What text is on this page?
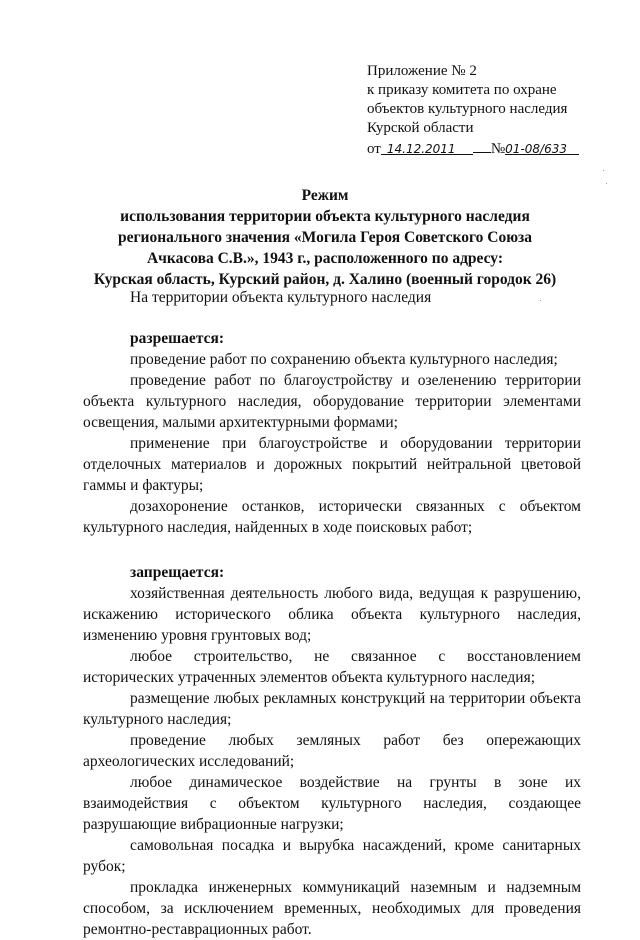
Приложение № 2
к приказу комитета по охране
объектов культурного наследия
Курской области
от 14.12.2011 №01-08/633
Режим
использования территории объекта культурного наследия
регионального значения «Могила Героя Советского Союза
Ачкасова С.В.», 1943 г., расположенного по адресу:
Курская область, Курский район, д. Халино (военный городок 26)

На территории объекта культурного наследия

разрешается:

проведение работ по сохранению объекта культурного наследия;

проведение работ по благоустройству и озеленению территории объекта культурного наследия, оборудование территории элементами освещения, малыми архитектурными формами;

применение при благоустройстве и оборудовании территории отделочных материалов и дорожных покрытий нейтральной цветовой гаммы и фактуры;

дозахоронение останков, исторически связанных с объектом культурного наследия, найденных в ходе поисковых работ;

запрещается:

хозяйственная деятельность любого вида, ведущая к разрушению, искажению исторического облика объекта культурного наследия, изменению уровня грунтовых вод;

любое строительство, не связанное с восстановлением исторических утраченных элементов объекта культурного наследия;

размещение любых рекламных конструкций на территории объекта культурного наследия;

проведение любых земляных работ без опережающих археологических исследований;

любое динамическое воздействие на грунты в зоне их взаимодействия с объектом культурного наследия, создающее разрушающие вибрационные нагрузки;

самовольная посадка и вырубка насаждений, кроме санитарных рубок;

прокладка инженерных коммуникаций наземным и надземным способом, за исключением временных, необходимых для проведения ремонтно-реставрационных работ.
